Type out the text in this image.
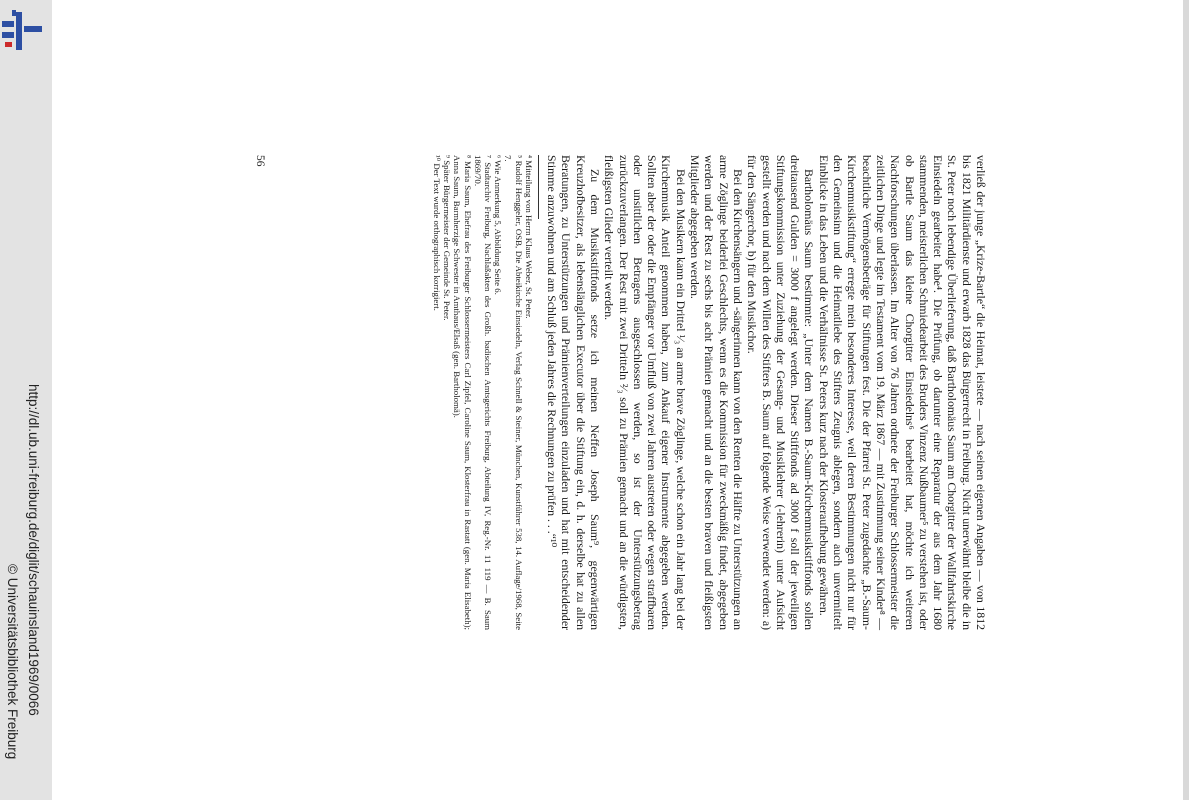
http://dl.ub.uni-freiburg.de/diglit/schauinsland1969/0066
© Universitätsbibliothek Freiburg

verließ der junge „Krize-Bartle“ die Heimat, leistete — nach seinen eigenen Angaben — von 1812 bis 1821 Militärdienste und erwarb 1828 das Bürgerrecht in Freiburg. Nicht unerwähnt bleibe die in St. Peter noch lebendige Überlieferung, daß Bartholomäus Saum am Chorgitter der Wallfahrtskirche Einsiedeln gearbeitet habe⁴. Die Prüfung, ob darunter eine Reparatur der aus dem Jahr 1680 stammenden, meisterlichen Schmiedearbeit des Bruders Vinzenz Nußbaumer⁵ zu verstehen ist, oder ob Bartle Saum das kleine Chorgitter Einsiedelns⁶ bearbeitet hat, möchte ich weiteren Nachforschungen überlassen. Im Alter von 76 Jahren ordnete der Freiburger Schlossermeister die zeitlichen Dinge und legte im Testament vom 19. März 1867 — mit Zustimmung seiner Kinder⁸ — beachtliche Vermögensbeträge für Stiftungen fest. Die der Pfarrei St. Peter zugedachte „B.-Saum-Kirchenmusikstiftung“ erregte mein besonderes Interesse, weil deren Bestimmungen nicht nur für den Gemeinsinn und die Heimatliebe des Stifters Zeugnis ablegen, sondern auch unvermittelt Einblicke in das Leben und die Verhältnisse St. Peters kurz nach der Klosteraufhebung gewähren.

Bartholomäus Saum bestimmte: „Unter dem Namen B.-Saum-Kirchenmusikstiftfonds sollen dreitausend Gulden = 3000 f angelegt werden. Dieser Stiftfonds ad 3000 f soll der jeweiligen Stiftungskommission unter Zuziehung der Gesang- und Musiklehrer (-lehrerin) unter Aufsicht gestellt werden und nach dem Willen des Stifters B. Saum auf folgende Weise verwendet werden: a) für den Sängerchor, b) für den Musikchor.

Bei den Kirchensängern und -sängerinnen kann von den Renten die Hälfte zu Unterstützungen an arme Zöglinge beiderlei Geschlechts, wenn es die Kommission für zweckmäßig findet, abgegeben werden und der Rest zu sechs bis acht Prämien gemacht und an die besten braven und fleißigsten Mitglieder abgegeben werden.

Bei den Musikern kann ein Drittel ¹⁄₃ an arme brave Zöglinge, welche schon ein Jahr lang bei der Kirchenmusik Anteil genommen haben, zum Ankauf eigener Instrumente abgegeben werden. Sollten aber der oder die Empfänger vor Umfluß von zwei Jahren austreten oder wegen straffbaren oder unsittlichen Betragens ausgeschlossen werden, so ist der Unterstützungsbetrag zurückzuverlangen. Der Rest mit zwei Dritteln ²⁄₃ soll zu Prämien gemacht und an die würdigsten, fleißigsten Glieder verteilt werden.

Zu dem Musikstiftfonds setze ich meinen Neffen Joseph Saum⁹, gegenwärtigen Kreuzhofbesitzer, als lebenslänglichen Executor über die Stiftung ein, d. h. derselbe hat zu allen Beratungen, zu Unterstützungen und Prämienverteilungen einzuladen und hat mit entscheidender Stimme anzuwohnen und am Schluß jeden Jahres die Rechnungen zu prüfen . . .“¹⁰

⁴ Mitteilung von Herrn Klaus Weber, St. Peter.

⁵ Rudolf Henggeler, OSB, Die Abteikirche Einsiedeln, Verlag Schnell & Steiner, München, Kunstführer 538, 14. Auflage/1968, Seite 7.

⁶ Wie Anmerkung 5, Abbildung Seite 6.

⁷ Stadtarchiv Freiburg, Nachlaßakten des Großh. badischen Amtsgerichts Freiburg, Abteilung IV, Reg.-Nr. 11 119 — B. Saum 1869/70.

⁸ Maria Saum, Ehefrau des Freiburger Schlossermeisters Carl Zipfel, Caroline Saum, Klosterfrau in Rastatt (gen. Maria Elisabeth); Anna Saum, Barmherzige Schwester in Amthaus/Elsaß (gen. Bartholomä).

⁹ Später Bürgermeister der Gemeinde St. Peter.

¹⁰ Der Text wurde orthographisch korrigiert.

56
